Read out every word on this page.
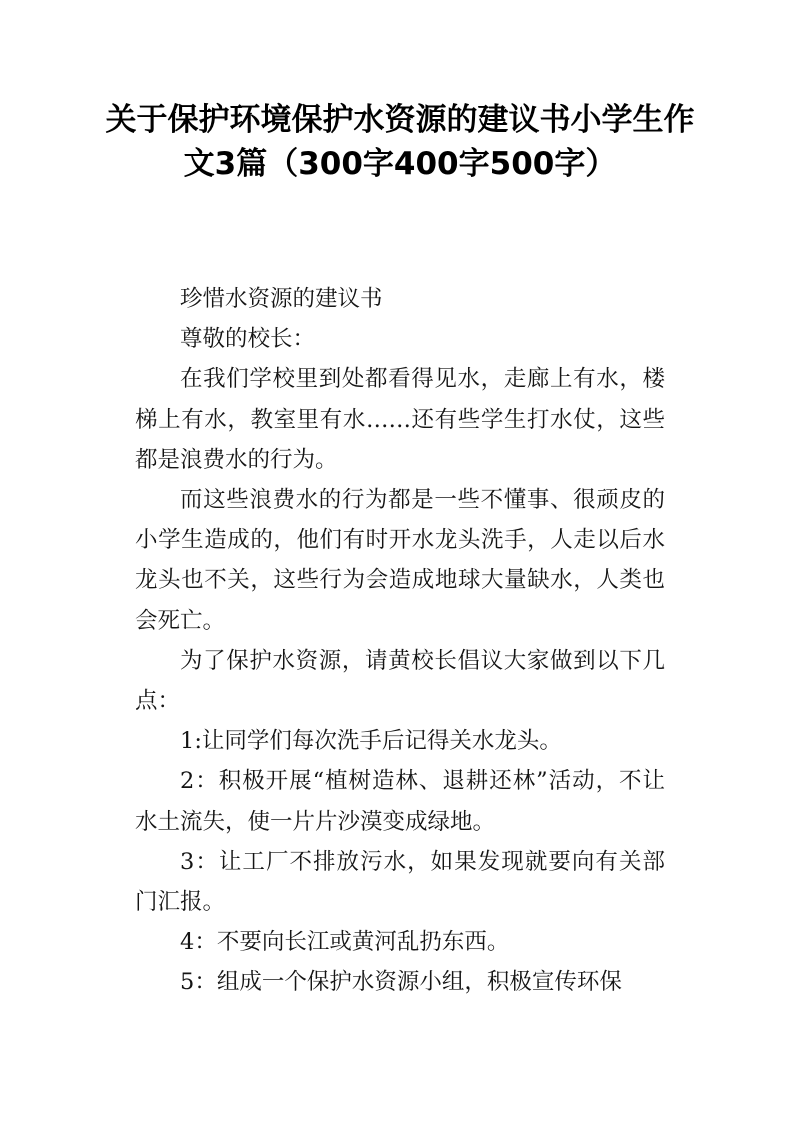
关于保护环境保护水资源的建议书小学生作文3篇（300字400字500字）

珍惜水资源的建议书

尊敬的校长：

在我们学校里到处都看得见水，走廊上有水，楼梯上有水，教室里有水……还有些学生打水仗，这些都是浪费水的行为。

而这些浪费水的行为都是一些不懂事、很顽皮的小学生造成的，他们有时开水龙头洗手，人走以后水龙头也不关，这些行为会造成地球大量缺水，人类也会死亡。

为了保护水资源，请黄校长倡议大家做到以下几点：

1:让同学们每次洗手后记得关水龙头。

2：积极开展“植树造林、退耕还林”活动，不让水土流失，使一片片沙漠变成绿地。

3：让工厂不排放污水，如果发现就要向有关部门汇报。

4：不要向长江或黄河乱扔东西。

5：组成一个保护水资源小组，积极宣传环保
